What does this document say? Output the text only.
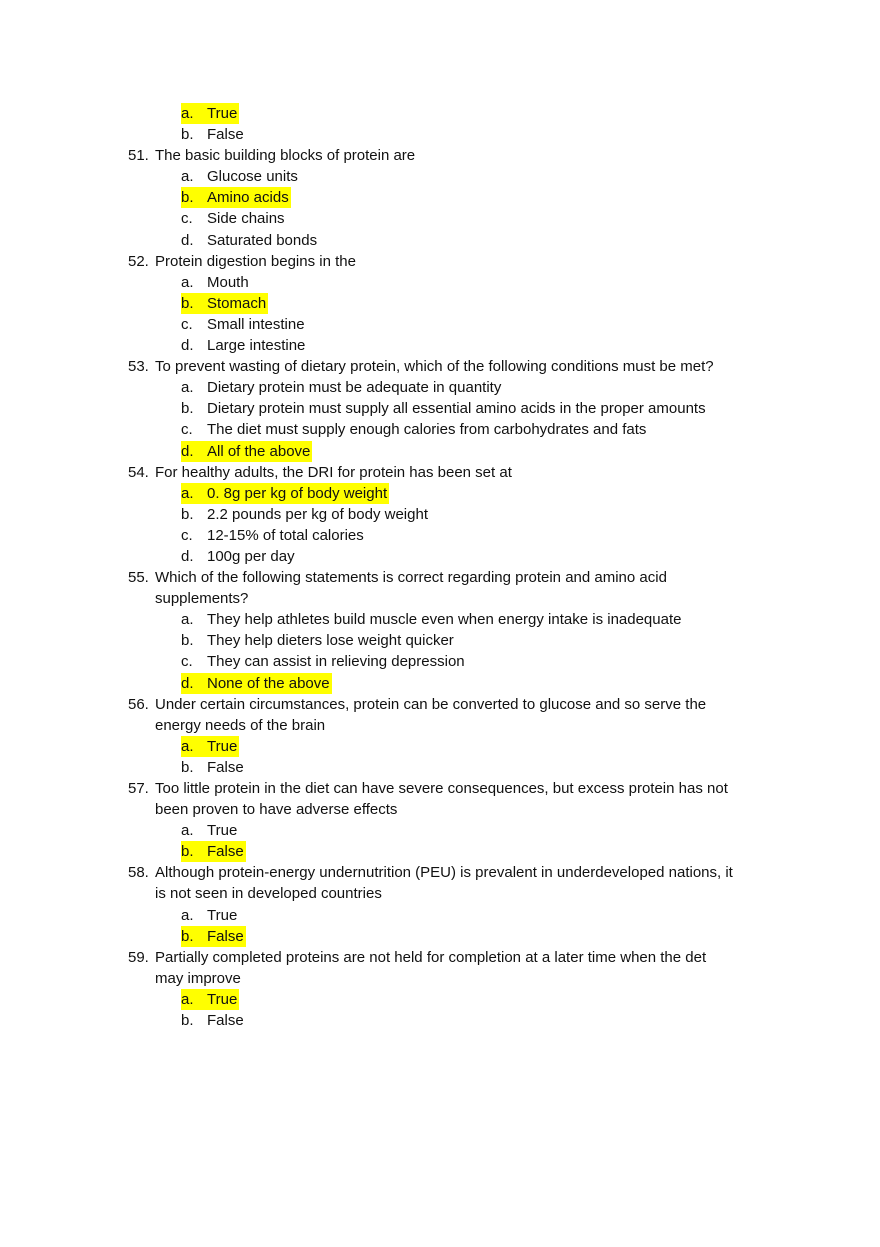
a. True
b. False
51. The basic building blocks of protein are
a. Glucose units
b. Amino acids
c. Side chains
d. Saturated bonds
52. Protein digestion begins in the
a. Mouth
b. Stomach
c. Small intestine
d. Large intestine
53. To prevent wasting of dietary protein, which of the following conditions must be met?
a. Dietary protein must be adequate in quantity
b. Dietary protein must supply all essential amino acids in the proper amounts
c. The diet must supply enough calories from carbohydrates and fats
d. All of the above
54. For healthy adults, the DRI for protein has been set at
a. 0. 8g per kg of body weight
b. 2.2 pounds per kg of body weight
c. 12-15% of total calories
d. 100g per day
55. Which of the following statements is correct regarding protein and amino acid
supplements?
a. They help athletes build muscle even when energy intake is inadequate
b. They help dieters lose weight quicker
c. They can assist in relieving depression
d. None of the above
56. Under certain circumstances, protein can be converted to glucose and so serve the
energy needs of the brain
a. True
b. False
57. Too little protein in the diet can have severe consequences, but excess protein has not
been proven to have adverse effects
a. True
b. False
58. Although protein-energy undernutrition (PEU) is prevalent in underdeveloped nations, it
is not seen in developed countries
a. True
b. False
59. Partially completed proteins are not held for completion at a later time when the det
may improve
a. True
b. False
